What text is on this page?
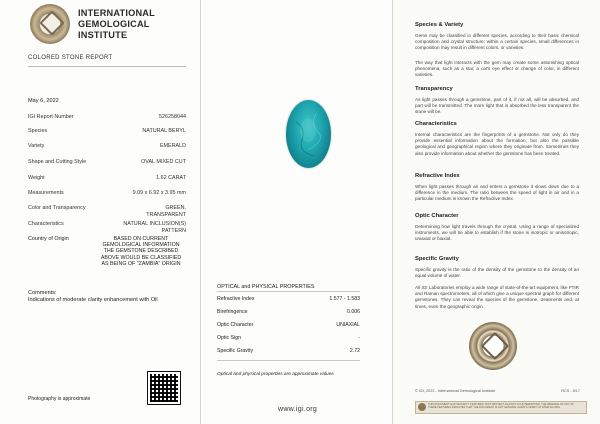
INTERNATIONAL
GEMOLOGICAL
INSTITUTE
COLORED STONE REPORT
May 6, 2022
IGI Report Number	526258044
Species	NATURAL BERYL
Variety	EMERALD
Shape and Cutting Style	OVAL MIXED CUT
Weight	1.62 CARAT
Measurements	9.09 x 6.92 x 3.95 mm
Color and Transparency	GREEN,
TRANSPARENT
Characteristics	NATURAL INCLUSION(S)
PATTERN
Country of Origin	BASED ON CURRENT
GEMOLOGICAL INFORMATION
THE GEMSTONE DESCRIBED
ABOVE WOULD BE CLASSIFIED
AS BEING OF "ZAMBIA" ORIGIN
Comments:
Indications of moderate clarity enhancement with Oil
Photography is approximate
OPTICAL and PHYSICAL PROPERTIES
Refractive Index	1.577 - 1.583
Birefringence	0.006
Optic Character	UNIAXIAL
Optic Sign	-
Specific Gravity	2.72
Optical and physical properties are approximate values
www.igi.org
Species & Variety
Gems may be classified in different species, according to their basic chemical composition and crystal structure; within a certain species, small differences in composition may result in different colors, or varieties.
The way that light interacts with the gem may create some astonishing optical phenomena, such as a star, a cat's eye effect or change of color, in different varieties.
Transparency
As light passes through a gemstone, part of it, if not all, will be absorbed, and part will be transmitted. The more light that is absorbed the less transparent the stone will be.
Characteristics
Internal characteristics are the fingerprints of a gemstone. Not only do they provide essential information about the formation, but also the possible geological and geographical region where they originate from. Sometimes they also provide information about whether the gemstone has been treated.
Refractive Index
When light passes through air and enters a gemstone it slows down due to a difference in the medium. The ratio between the speed of light in air and in a particular medium is known the Refractive Index.
Optic Character
Determining how light travels through the crystal. Using a range of specialized instruments, we will be able to establish if the stone is isotropic or anisotropic, uniaxial or biaxial.
Specific Gravity
Specific gravity is the ratio of the density of the gemstone to the density of an equal volume of water.
All IGI Laboratories employ a wide range of state-of-the-art equipment, like FTIR and Raman spectrometers, all of which give a unique spectral graph for different gemstones. They can reveal the species of the gemstone, treatments and, at times, even the geographic origin.
© IGI, 2022 - International Gemological Institute	RCS - 6/17
THIS DOCUMENT HAS SECURITY FEATURES THAT PROTECT AGAINST COUNTERFEITING. THE ABSENCE OF ANY OF THESE FEATURES INDICATES THAT THE DOCUMENT IS NOT GENUINE. ALWAYS VERIFY AT WWW.IGI.ORG
